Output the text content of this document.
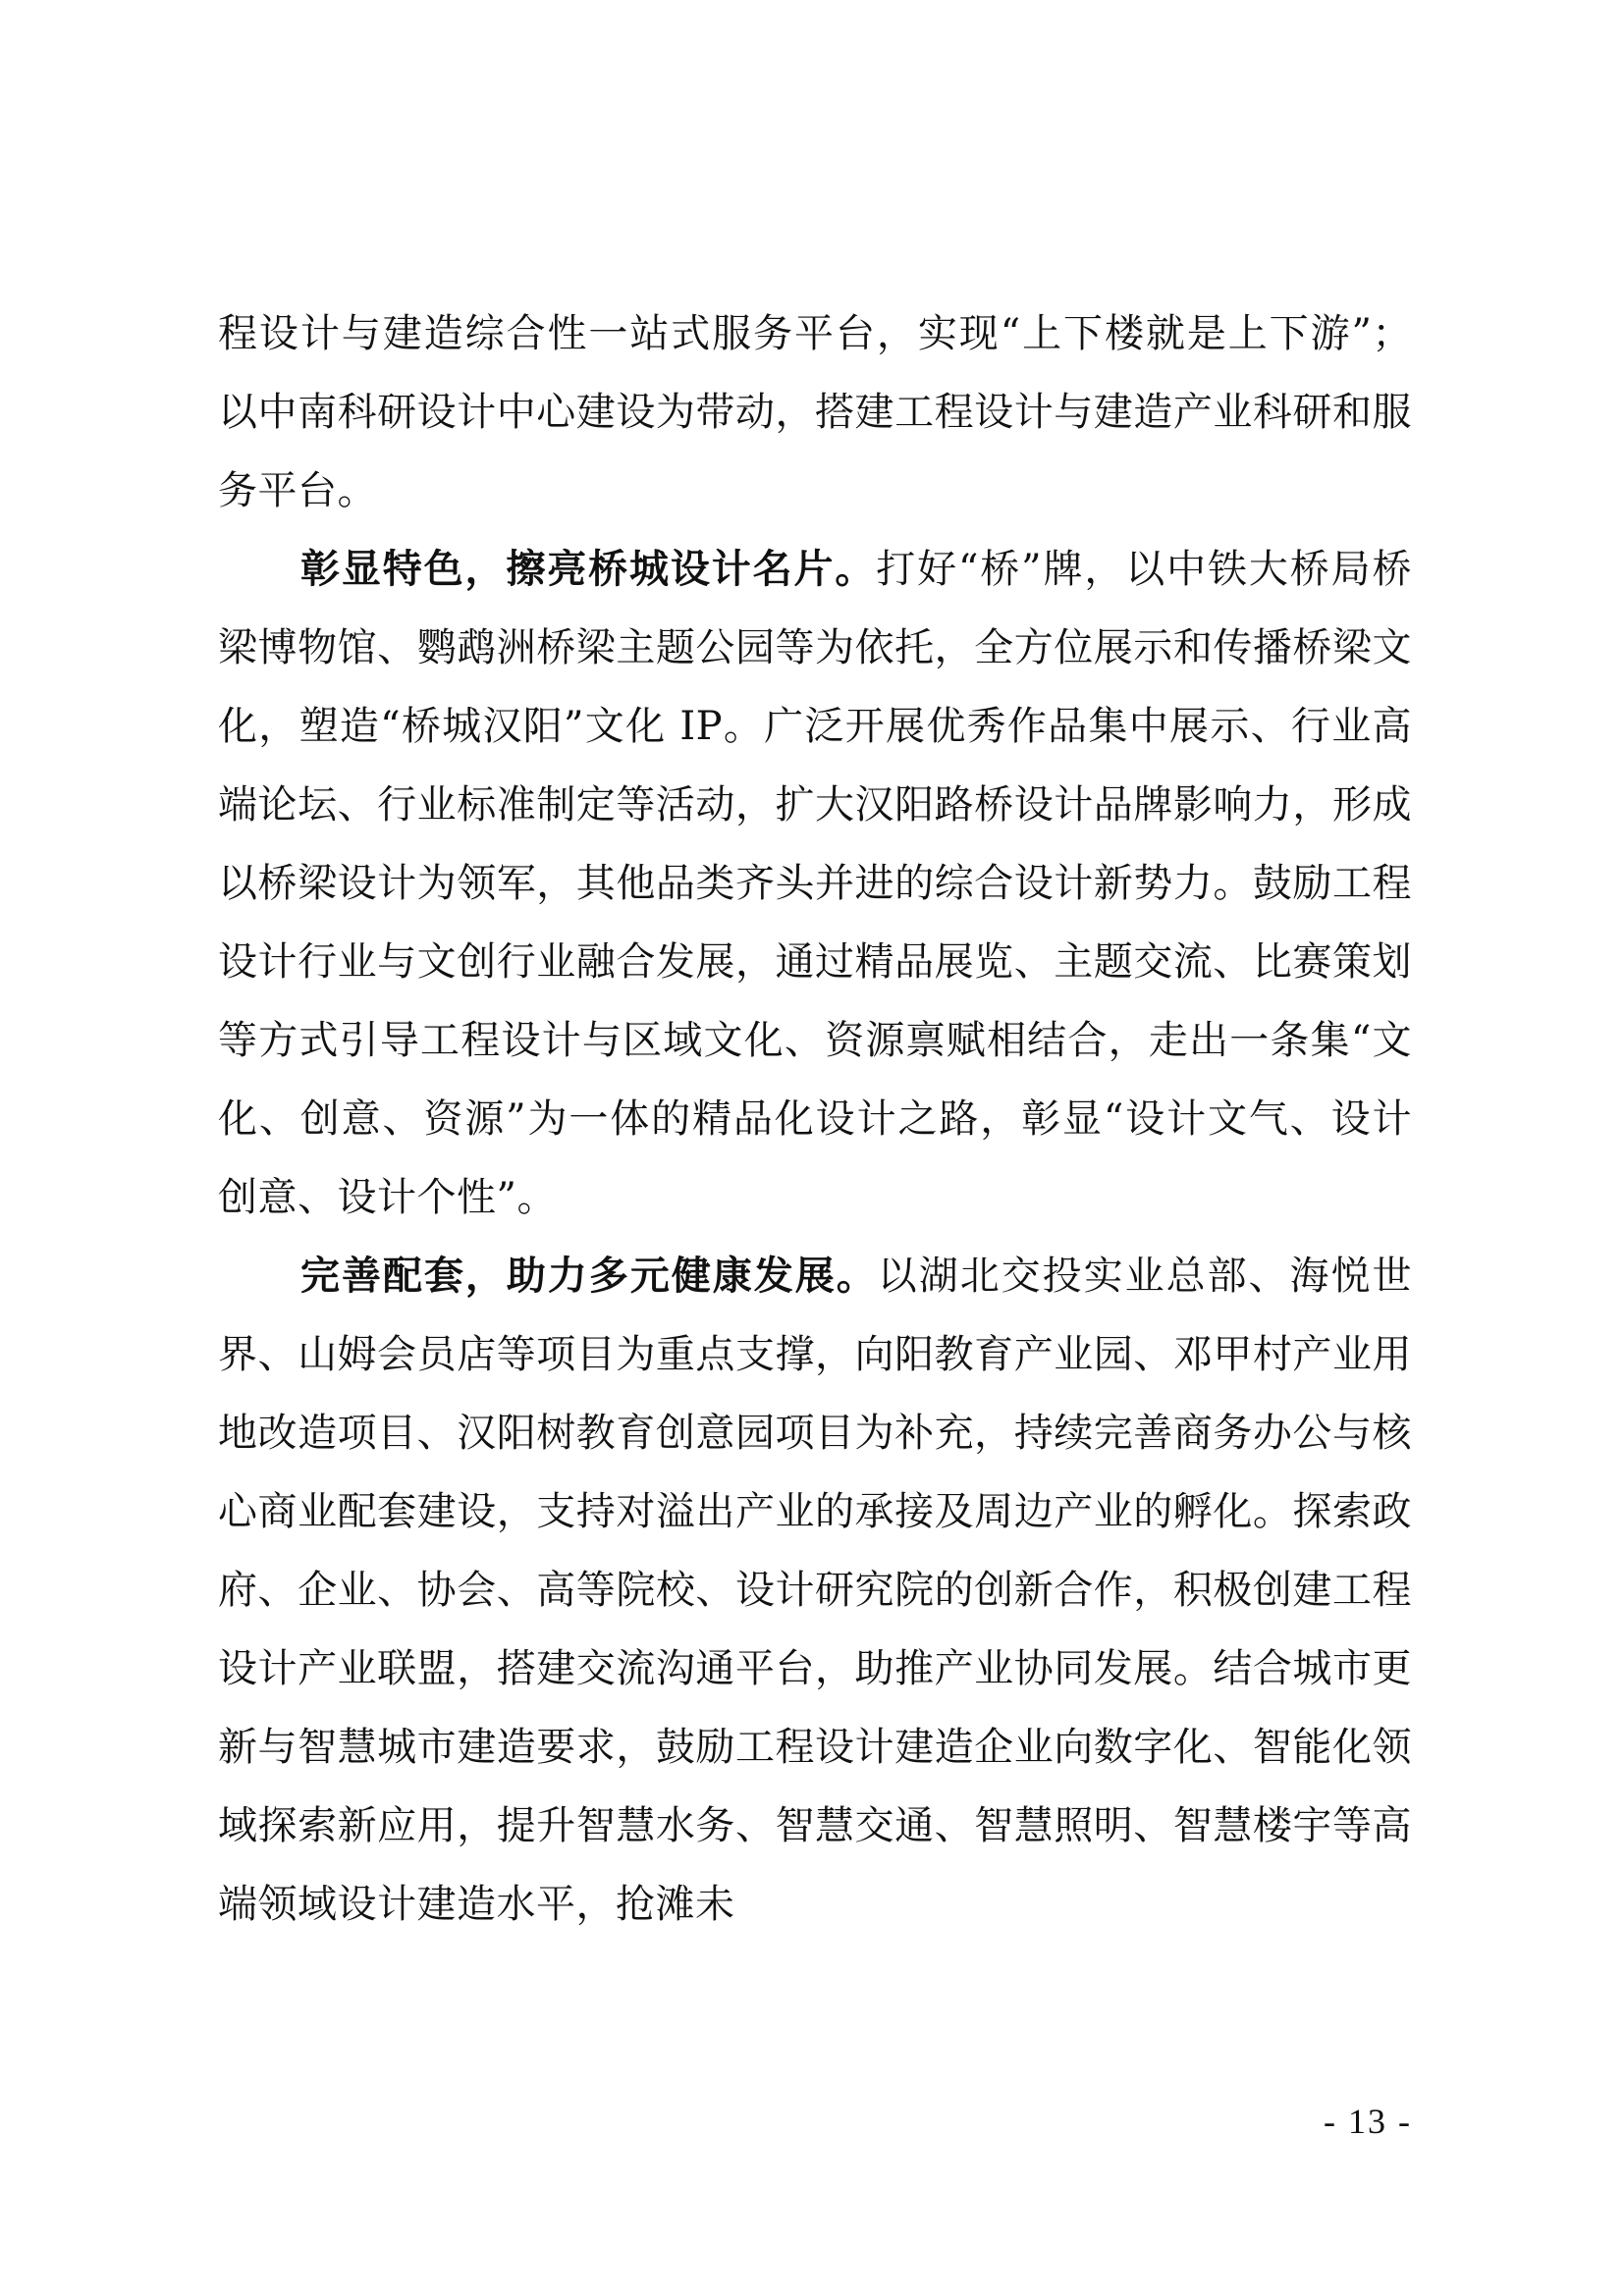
程设计与建造综合性一站式服务平台，实现“上下楼就是上下游”；以中南科研设计中心建设为带动，搭建工程设计与建造产业科研和服务平台。

彰显特色，擦亮桥城设计名片。打好“桥”牌，以中铁大桥局桥梁博物馆、鹦鹉洲桥梁主题公园等为依托，全方位展示和传播桥梁文化，塑造“桥城汉阳”文化 IP。广泛开展优秀作品集中展示、行业高端论坛、行业标准制定等活动，扩大汉阳路桥设计品牌影响力，形成以桥梁设计为领军，其他品类齐头并进的综合设计新势力。鼓励工程设计行业与文创行业融合发展，通过精品展览、主题交流、比赛策划等方式引导工程设计与区域文化、资源禀赋相结合，走出一条集“文化、创意、资源”为一体的精品化设计之路，彰显“设计文气、设计创意、设计个性”。

完善配套，助力多元健康发展。以湖北交投实业总部、海悦世界、山姆会员店等项目为重点支撑，向阳教育产业园、邓甲村产业用地改造项目、汉阳树教育创意园项目为补充，持续完善商务办公与核心商业配套建设，支持对溢出产业的承接及周边产业的孵化。探索政府、企业、协会、高等院校、设计研究院的创新合作，积极创建工程设计产业联盟，搭建交流沟通平台，助推产业协同发展。结合城市更新与智慧城市建造要求，鼓励工程设计建造企业向数字化、智能化领域探索新应用，提升智慧水务、智慧交通、智慧照明、智慧楼宇等高端领域设计建造水平，抢滩未

- 13 -
